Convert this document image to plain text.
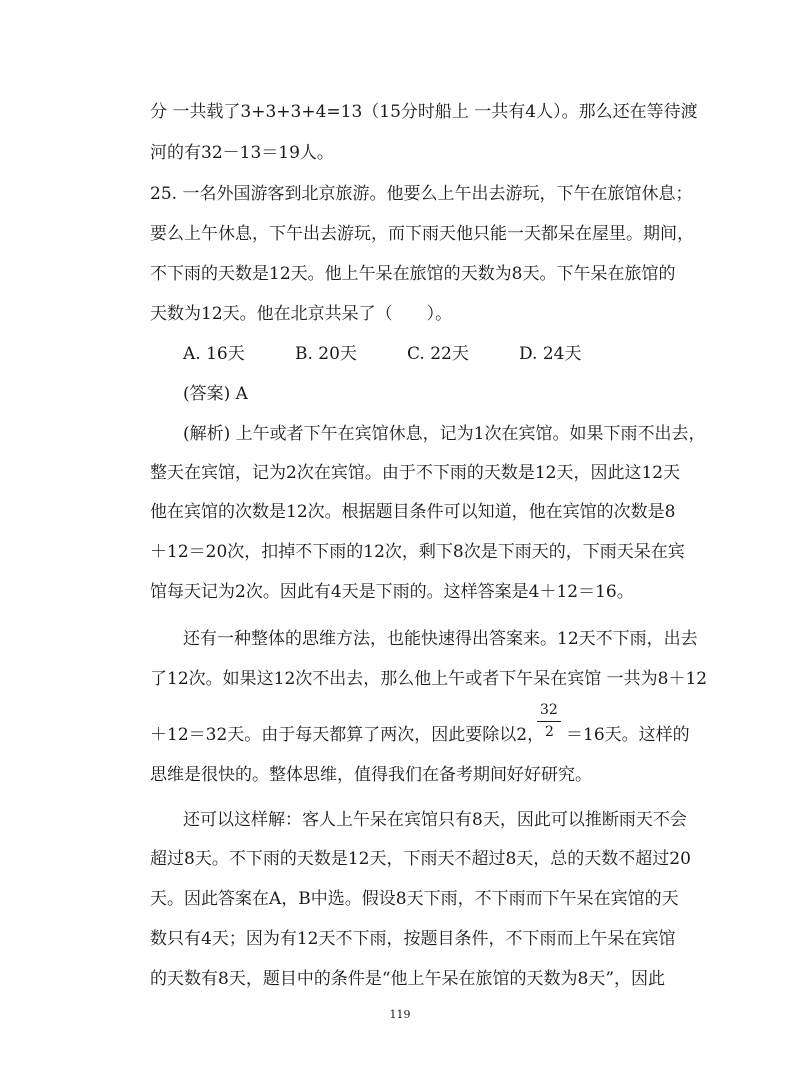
分 一共载了3+3+3+4=13（15分时船上 一共有4人）。那么还在等待渡
河的有32－13＝19人。
25. 一名外国游客到北京旅游。他要么上午出去游玩，下午在旅馆休息；
要么上午休息，下午出去游玩，而下雨天他只能一天都呆在屋里。期间，
不下雨的天数是12天。他上午呆在旅馆的天数为8天。下午呆在旅馆的
天数为12天。他在北京共呆了（　　）。
A. 16天	B. 20天	C. 22天	D. 24天
(答案) A
(解析) 上午或者下午在宾馆休息，记为1次在宾馆。如果下雨不出去，
整天在宾馆，记为2次在宾馆。由于不下雨的天数是12天，因此这12天
他在宾馆的次数是12次。根据题目条件可以知道，他在宾馆的次数是8
＋12＝20次，扣掉不下雨的12次，剩下8次是下雨天的，下雨天呆在宾
馆每天记为2次。因此有4天是下雨的。这样答案是4＋12＝16。
还有一种整体的思维方法，也能快速得出答案来。12天不下雨，出去
了12次。如果这12次不出去，那么他上午或者下午呆在宾馆 一共为8＋12
32
2
＋12＝32天。由于每天都算了两次，因此要除以2， ＝16天。这样的
思维是很快的。整体思维，值得我们在备考期间好好研究。
还可以这样解：客人上午呆在宾馆只有8天，因此可以推断雨天不会
超过8天。不下雨的天数是12天，下雨天不超过8天，总的天数不超过20
天。因此答案在A，B中选。假设8天下雨，不下雨而下午呆在宾馆的天
数只有4天；因为有12天不下雨，按题目条件，不下雨而上午呆在宾馆
的天数有8天，题目中的条件是“他上午呆在旅馆的天数为8天”，因此
119
